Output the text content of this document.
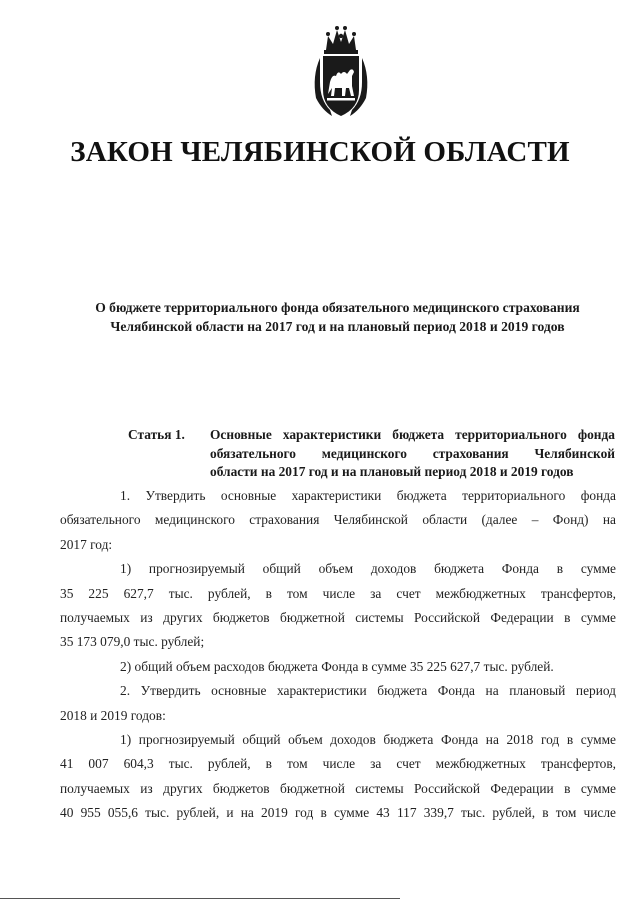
ЗАКОН ЧЕЛЯБИНСКОЙ ОБЛАСТИ
О бюджете территориального фонда обязательного медицинского страхования
Челябинской области на 2017 год и на плановый период 2018 и 2019 годов
Статья 1. Основные характеристики бюджета территориального фонда
обязательного медицинского страхования Челябинской
области на 2017 год и на плановый период 2018 и 2019 годов

1. Утвердить основные характеристики бюджета территориального фонда
обязательного медицинского страхования Челябинской области (далее – Фонд) на
2017 год:

1) прогнозируемый общий объем доходов бюджета Фонда в сумме
35 225 627,7 тыс. рублей, в том числе за счет межбюджетных трансфертов,
получаемых из других бюджетов бюджетной системы Российской Федерации в сумме
35 173 079,0 тыс. рублей;

2) общий объем расходов бюджета Фонда в сумме 35 225 627,7 тыс. рублей.

2. Утвердить основные характеристики бюджета Фонда на плановый период
2018 и 2019 годов:

1) прогнозируемый общий объем доходов бюджета Фонда на 2018 год в сумме
41 007 604,3 тыс. рублей, в том числе за счет межбюджетных трансфертов,
получаемых из других бюджетов бюджетной системы Российской Федерации в сумме
40 955 055,6 тыс. рублей, и на 2019 год в сумме 43 117 339,7 тыс. рублей, в том числе
